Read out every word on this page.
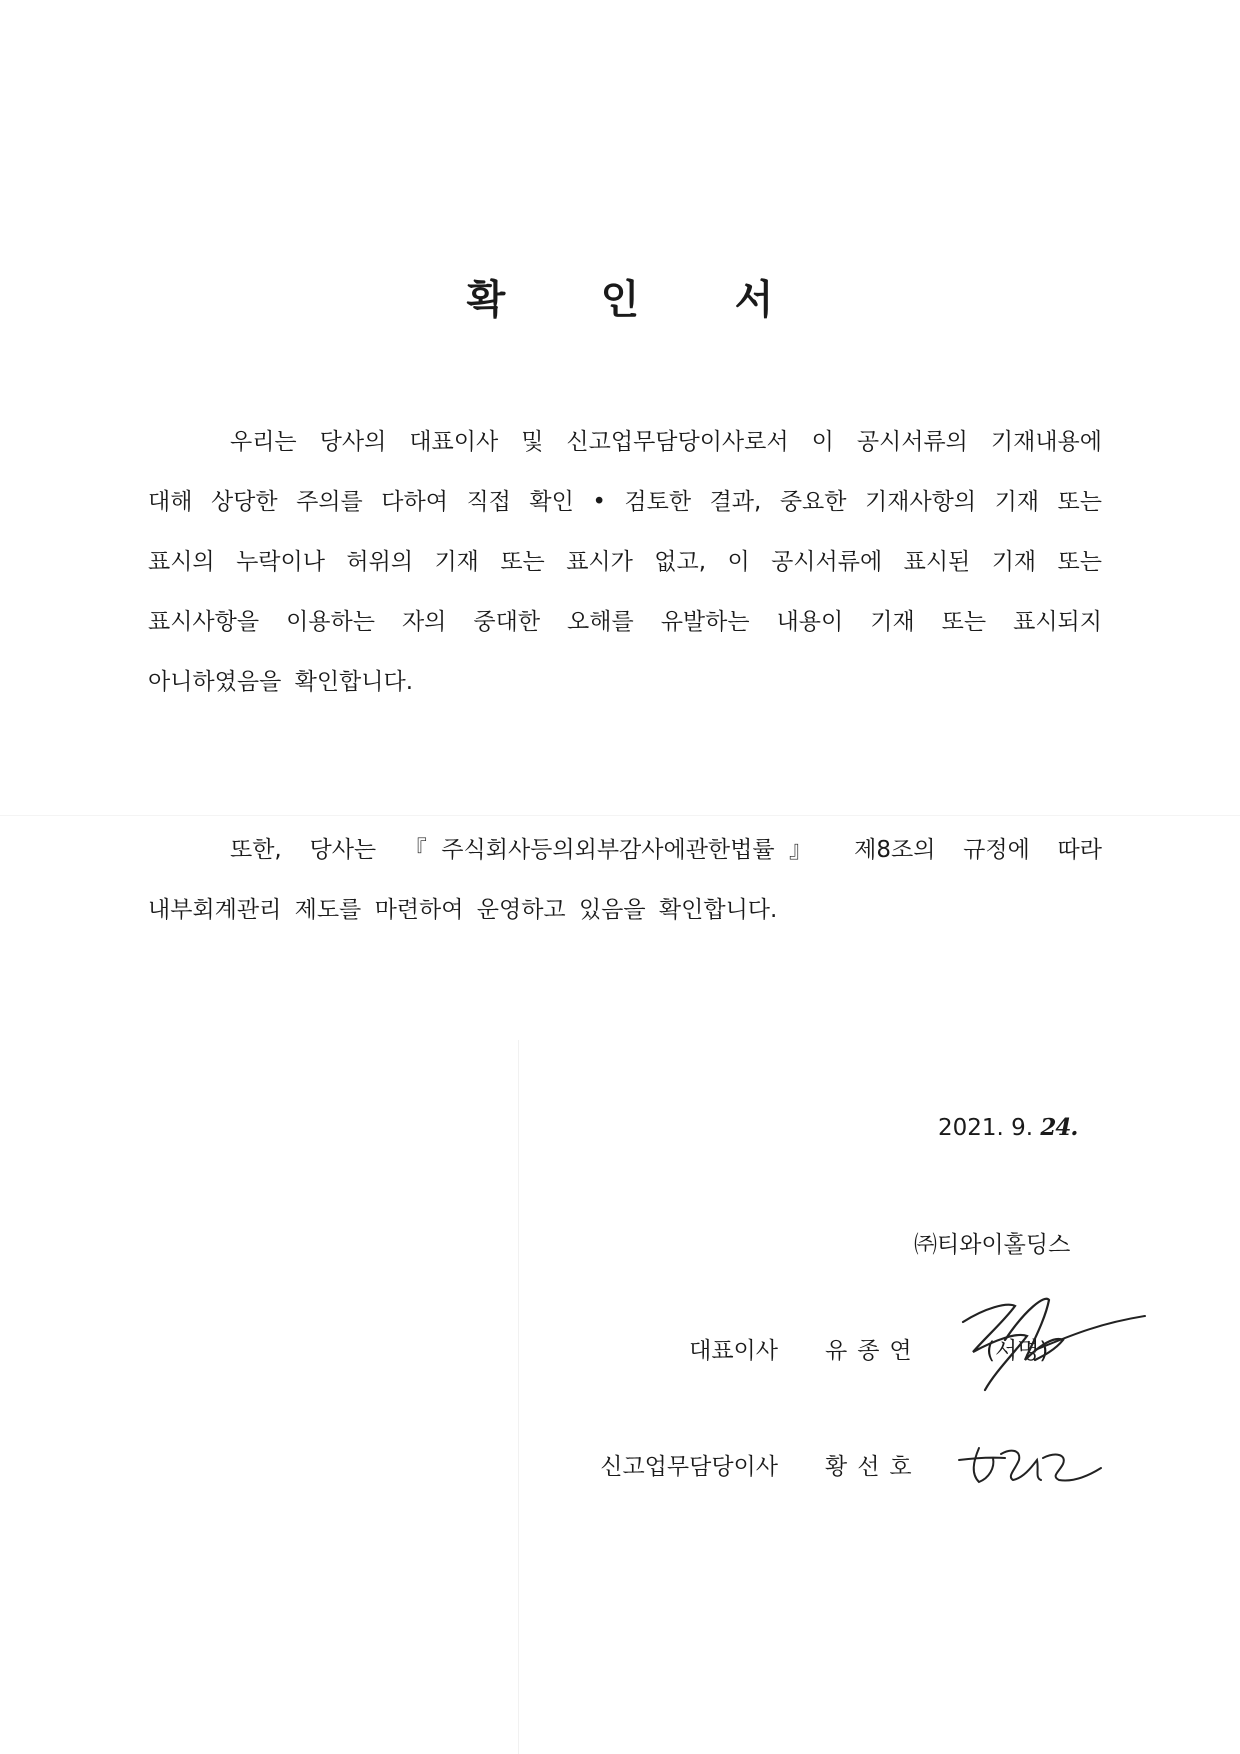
확	인	서

우리는 당사의 대표이사 및 신고업무담당이사로서 이 공시서류의 기재내용에
대해 상당한 주의를 다하여 직접 확인 • 검토한 결과, 중요한 기재사항의 기재 또는
표시의 누락이나 허위의 기재 또는 표시가 없고, 이 공시서류에 표시된 기재 또는
표시사항을 이용하는 자의 중대한 오해를 유발하는 내용이 기재 또는 표시되지
아니하였음을 확인합니다.

또한, 당사는 『주식회사등의외부감사에관한법률』 제8조의 규정에 따라
내부회계관리 제도를 마련하여 운영하고 있음을 확인합니다.

2021. 9. 24.
㈜티와이홀딩스
대표이사 유종연	(서명)
신고업무담당이사 황선호
